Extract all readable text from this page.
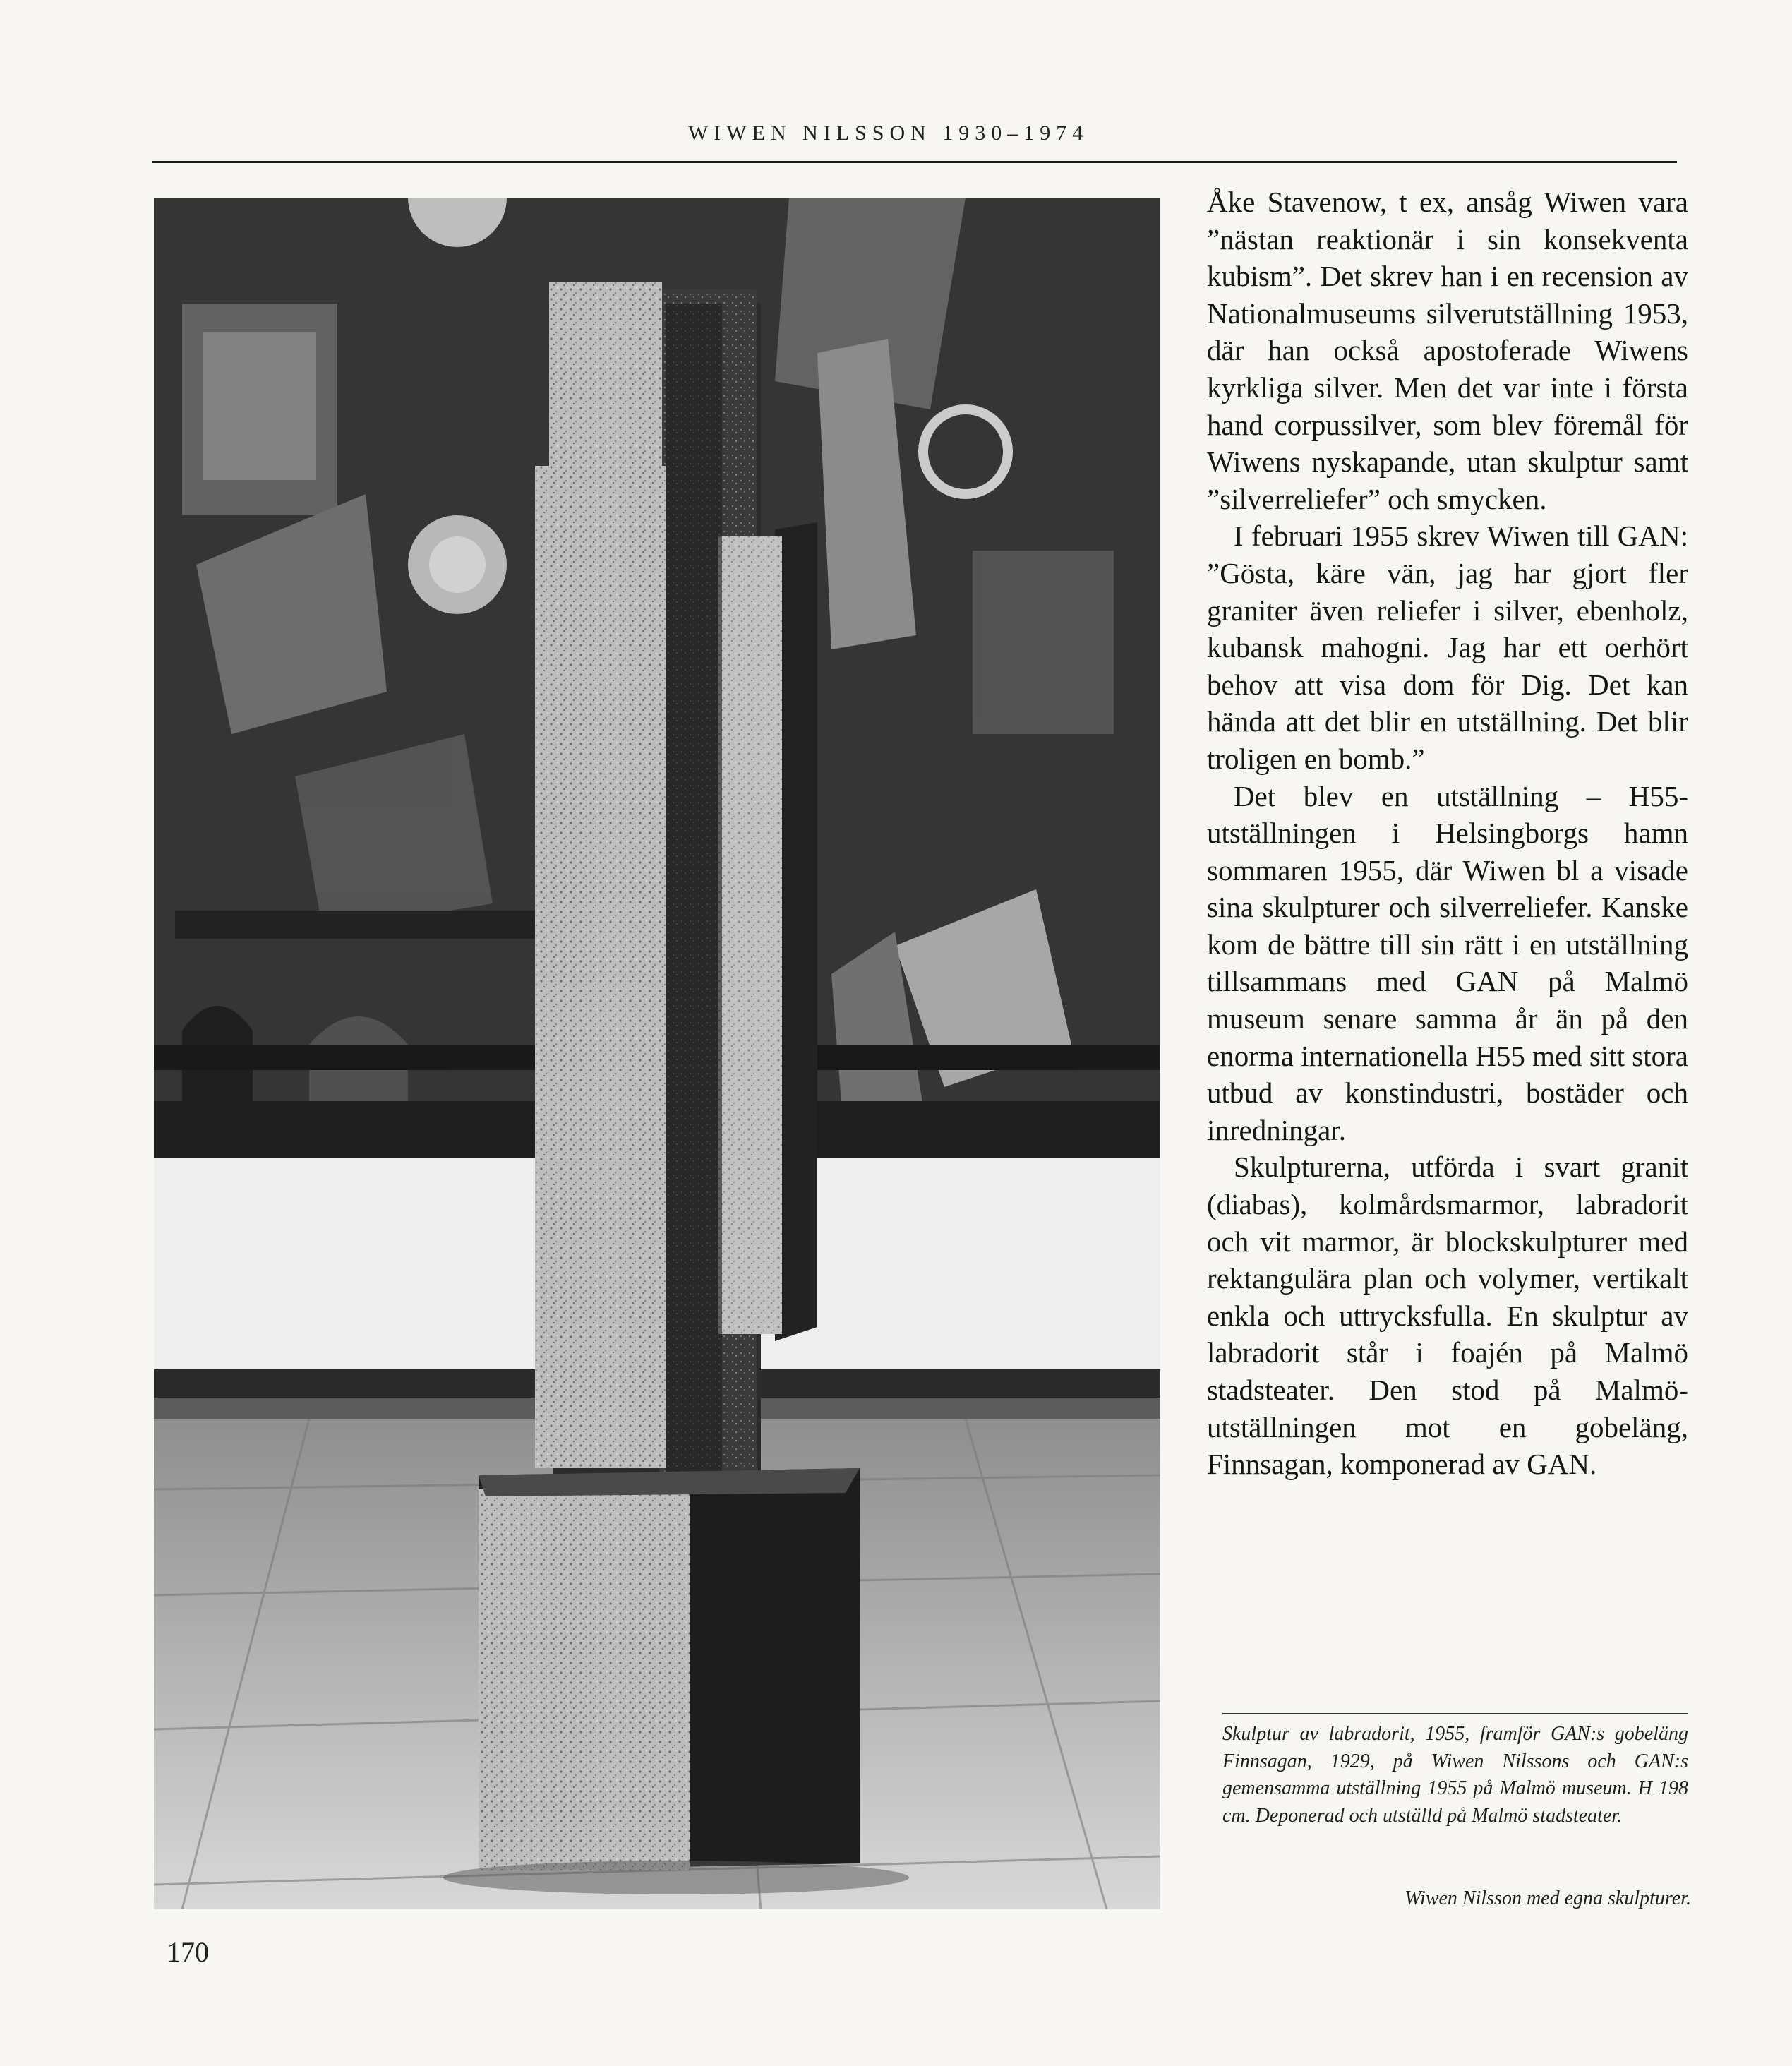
WIWEN NILSSON 1930–1974

Åke Stavenow, t ex, ansåg Wiwen vara ”nästan reaktionär i sin konsekventa kubism”. Det skrev han i en recension av Nationalmuseums silverutställning 1953, där han också apostoferade Wiwens kyrkliga silver. Men det var inte i första hand corpussilver, som blev föremål för Wiwens nyskapande, utan skulptur samt ”silverreliefer” och smycken.

I februari 1955 skrev Wiwen till GAN: ”Gösta, käre vän, jag har gjort fler graniter även reliefer i silver, ebenholz, kubansk mahogni. Jag har ett oerhört behov att visa dom för Dig. Det kan hända att det blir en utställning. Det blir troligen en bomb.”

Det blev en utställning – H55-utställningen i Helsingborgs hamn sommaren 1955, där Wiwen bl a visade sina skulpturer och silverreliefer. Kanske kom de bättre till sin rätt i en utställning tillsammans med GAN på Malmö museum senare samma år än på den enorma internationella H55 med sitt stora utbud av konstindustri, bostäder och inredningar.

Skulpturerna, utförda i svart granit (diabas), kolmårdsmarmor, labradorit och vit marmor, är blockskulpturer med rektangulära plan och volymer, vertikalt enkla och uttrycksfulla. En skulptur av labradorit står i foajén på Malmö stadsteater. Den stod på Malmö-utställningen mot en gobeläng, Finnsagan, komponerad av GAN.

Skulptur av labradorit, 1955, framför GAN:s gobeläng Finnsagan, 1929, på Wiwen Nilssons och GAN:s gemensamma utställning 1955 på Malmö museum. H 198 cm. Deponerad och utställd på Malmö stadsteater.
Wiwen Nilsson med egna skulpturer.
170
